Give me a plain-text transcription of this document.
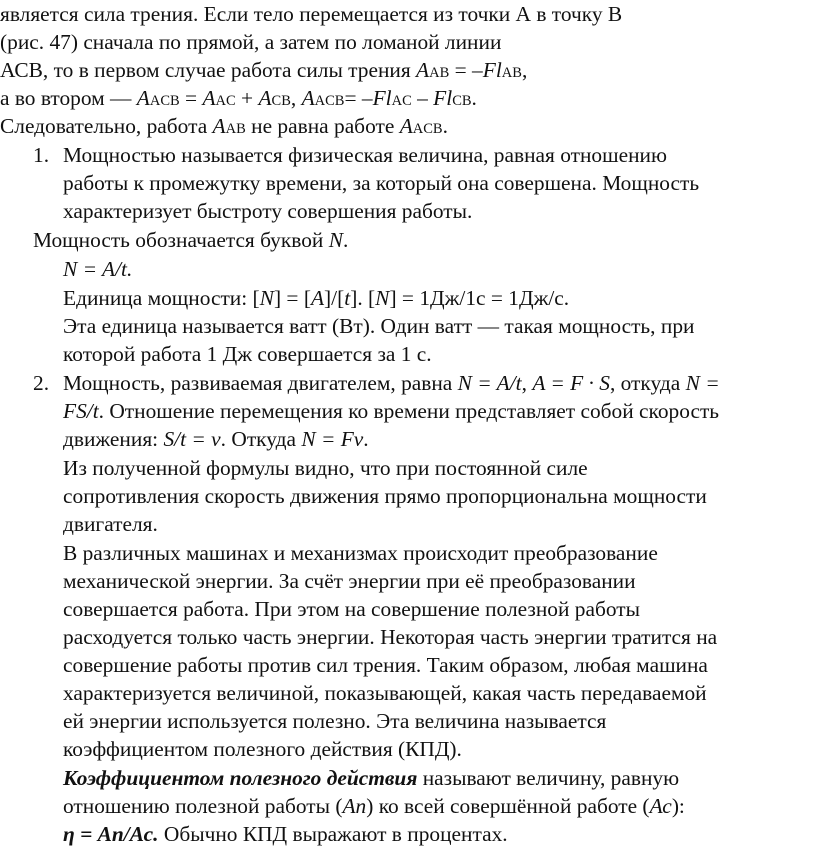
является сила трения. Если тело перемещается из точки А в точку В
(рис. 47) сначала по прямой, а затем по ломаной линии
АСВ, то в первом случае работа силы трения AAB = –FlAB,
а во втором — AACB = AAC + ACB, AACB= –FlAC – FlCB.
Следовательно, работа AAB не равна работе AACB.
1. Мощностью называется физическая величина, равная отношению
работы к промежутку времени, за который она совершена. Мощность
характеризует быстроту совершения работы.
Мощность обозначается буквой N.
N = A/t.
Единица мощности: [N] = [A]/[t]. [N] = 1Дж/1с = 1Дж/с.
Эта единица называется ватт (Вт). Один ватт — такая мощность, при
которой работа 1 Дж совершается за 1 с.
2. Мощность, развиваемая двигателем, равна N = A/t, A = F · S, откуда N =
FS/t. Отношение перемещения ко времени представляет собой скорость
движения: S/t = v. Откуда N = Fv.
Из полученной формулы видно, что при постоянной силе
сопротивления скорость движения прямо пропорциональна мощности
двигателя.
В различных машинах и механизмах происходит преобразование
механической энергии. За счёт энергии при её преобразовании
совершается работа. При этом на совершение полезной работы
расходуется только часть энергии. Некоторая часть энергии тратится на
совершение работы против сил трения. Таким образом, любая машина
характеризуется величиной, показывающей, какая часть передаваемой
ей энергии используется полезно. Эта величина называется
коэффициентом полезного действия (КПД).
Коэффициентом полезного действия называют величину, равную
отношению полезной работы (Ап) ко всей совершённой работе (Ас):
η = Ап/Ас. Обычно КПД выражают в процентах.
